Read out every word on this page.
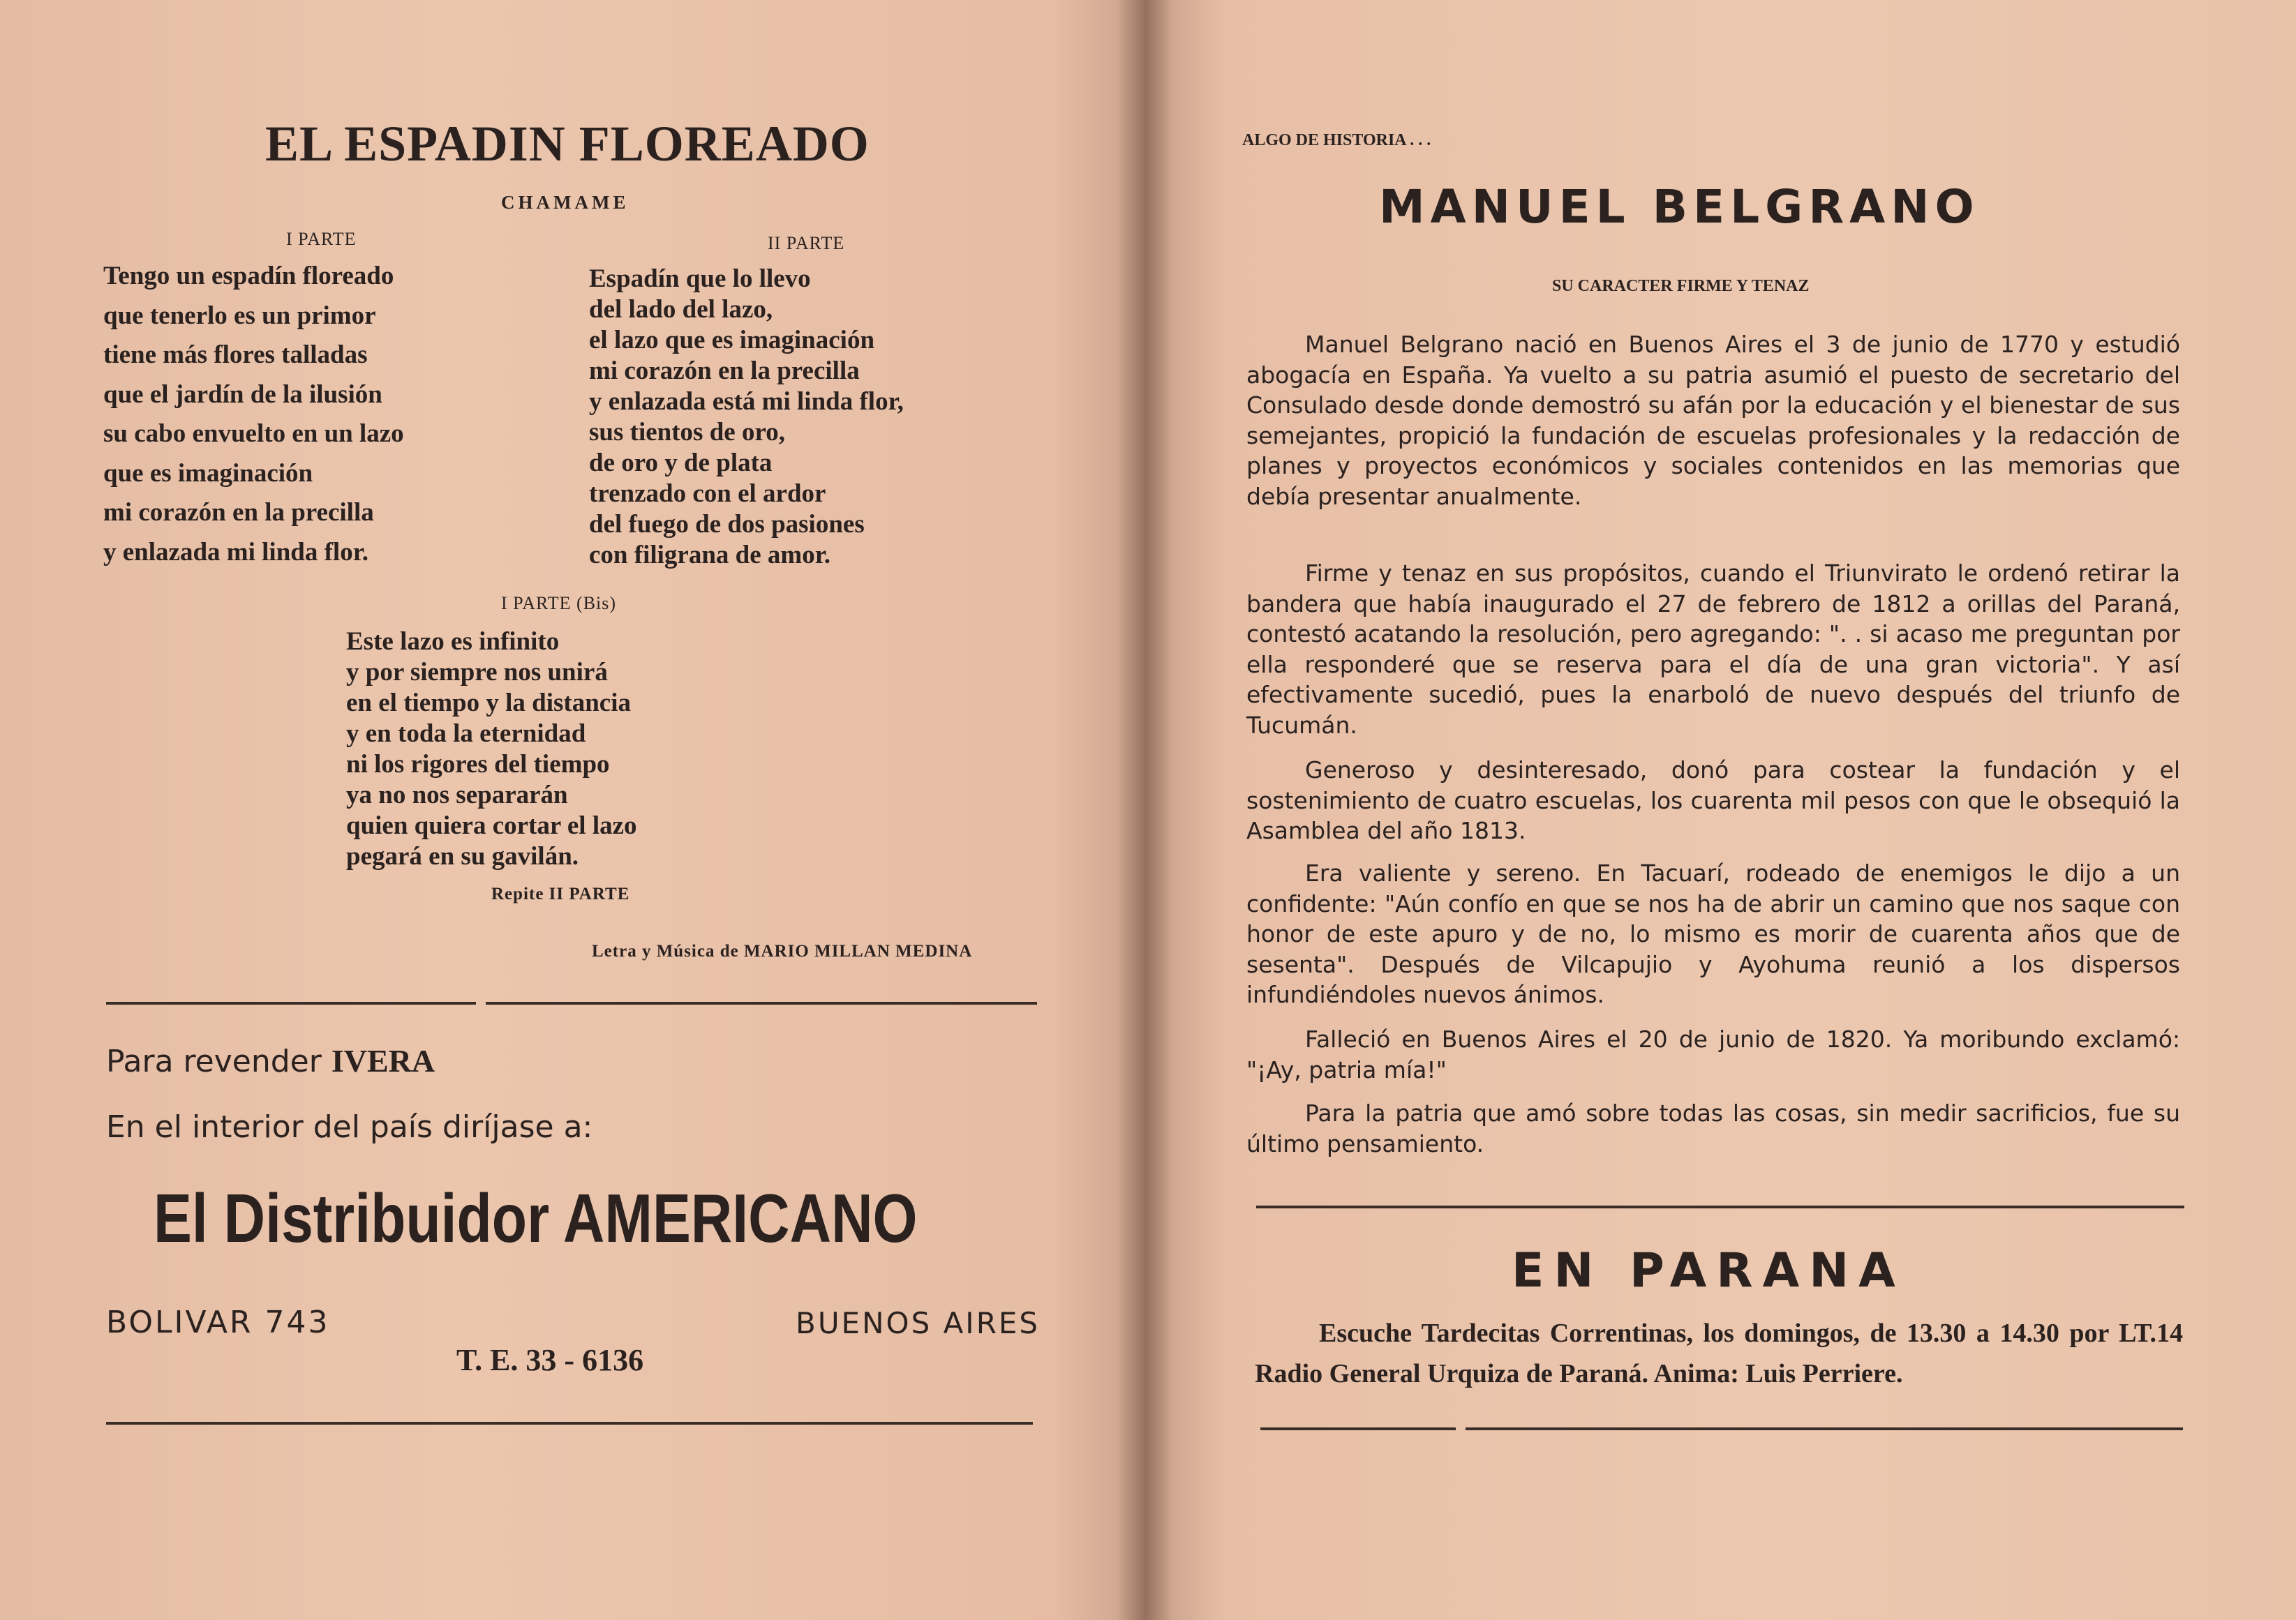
EL ESPADIN FLOREADO
CHAMAME
I PARTE
Tengo un espadín floreado
que tenerlo es un primor
tiene más flores talladas
que el jardín de la ilusión
su cabo envuelto en un lazo
que es imaginación
mi corazón en la precilla
y enlazada mi linda flor.
II PARTE
Espadín que lo llevo
del lado del lazo,
el lazo que es imaginación
mi corazón en la precilla
y enlazada está mi linda flor,
sus tientos de oro,
de oro y de plata
trenzado con el ardor
del fuego de dos pasiones
con filigrana de amor.
I PARTE (Bis)
Este lazo es infinito
y por siempre nos unirá
en el tiempo y la distancia
y en toda la eternidad
ni los rigores del tiempo
ya no nos separarán
quien quiera cortar el lazo
pegará en su gavilán.
Repite II PARTE
Letra y Música de MARIO MILLAN MEDINA
Para revender IVERA
En el interior del país diríjase a:
El Distribuidor AMERICANO
BOLIVAR 743	BUENOS AIRES
T. E. 33 - 6136
ALGO DE HISTORIA . . .
MANUEL BELGRANO
SU CARACTER FIRME Y TENAZ

Manuel Belgrano nació en Buenos Aires el 3 de junio de 1770 y estudió abogacía en España. Ya vuelto a su patria asumió el puesto de secretario del Consulado desde donde demostró su afán por la educación y el bienestar de sus semejantes, propició la fundación de escuelas profesionales y la redacción de planes y proyectos económicos y sociales contenidos en las memorias que debía presentar anualmente.

Firme y tenaz en sus propósitos, cuando el Triunvirato le ordenó retirar la bandera que había inaugurado el 27 de febrero de 1812 a orillas del Paraná, contestó acatando la resolución, pero agregando: ". . si acaso me preguntan por ella responderé que se reserva para el día de una gran victoria". Y así efectivamente sucedió, pues la enarboló de nuevo después del triunfo de Tucumán.

Generoso y desinteresado, donó para costear la fundación y el sostenimiento de cuatro escuelas, los cuarenta mil pesos con que le obsequió la Asamblea del año 1813.

Era valiente y sereno. En Tacuarí, rodeado de enemigos le dijo a un confidente: "Aún confío en que se nos ha de abrir un camino que nos saque con honor de este apuro y de no, lo mismo es morir de cuarenta años que de sesenta". Después de Vilcapujio y Ayohuma reunió a los dispersos infundiéndoles nuevos ánimos.

Falleció en Buenos Aires el 20 de junio de 1820. Ya moribundo exclamó: "¡Ay, patria mía!"

Para la patria que amó sobre todas las cosas, sin medir sacrificios, fue su último pensamiento.

EN PARANA

Escuche Tardecitas Correntinas, los domingos, de 13.30 a 14.30 por LT.14 Radio General Urquiza de Paraná. Anima: Luis Perriere.
